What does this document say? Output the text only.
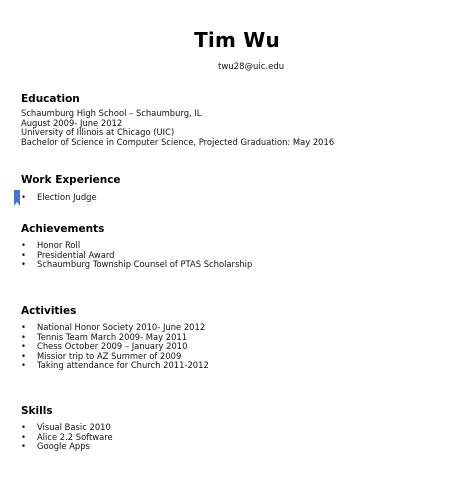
Tim Wu
twu28@uic.edu
Education
Schaumburg High School – Schaumburg, IL
August 2009- June 2012
University of Illinois at Chicago (UIC)
Bachelor of Science in Computer Science, Projected Graduation: May 2016
Work Experience
• Election Judge
Achievements
• Honor Roll
• Presidential Award
• Schaumburg Township Counsel of PTAS Scholarship
Activities
• National Honor Society 2010- June 2012
• Tennis Team March 2009- May 2011
• Chess October 2009 – January 2010
• Missior trip to AZ Summer of 2009
• Taking attendance for Church 2011-2012
Skills
• Visual Basic 2010
• Alice 2.2 Software
• Google Apps
